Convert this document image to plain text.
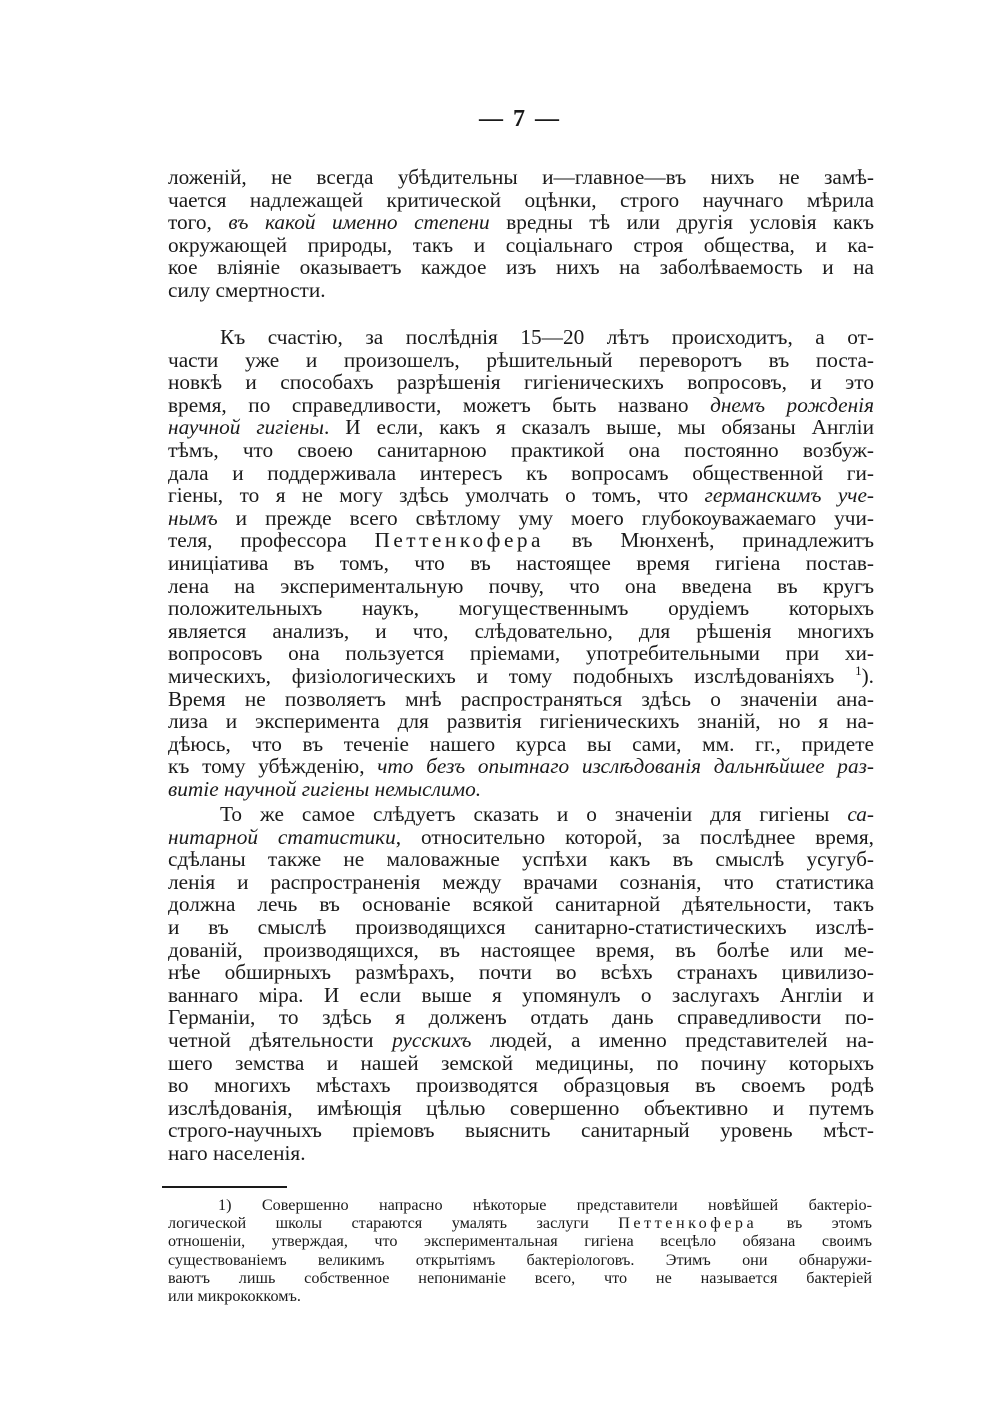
— 7 —
ложеній, не всегда убѣдительны и—главное—въ нихъ не замѣ-
чается надлежащей критической оцѣнки, строго научнаго мѣрила
того, въ какой именно степени вредны тѣ или другія условія какъ
окружающей природы, такъ и соціальнаго строя общества, и ка-
кое вліяніе оказываетъ каждое изъ нихъ на заболѣваемость и на
силу смертности.
Къ счастію, за послѣднія 15—20 лѣтъ происходитъ, а от-
части уже и произошелъ, рѣшительный переворотъ въ поста-
новкѣ и способахъ разрѣшенія гигіеническихъ вопросовъ, и это
время, по справедливости, можетъ быть названо днемъ рожденія
научной гигіены. И если, какъ я сказалъ выше, мы обязаны Англіи
тѣмъ, что своею санитарною практикой она постоянно возбуж-
дала и поддерживала интересъ къ вопросамъ общественной ги-
гіены, то я не могу здѣсь умолчать о томъ, что германскимъ уче-
нымъ и прежде всего свѣтлому уму моего глубокоуважаемаго учи-
теля, профессора Петтенкофера въ Мюнхенѣ, принадлежитъ
иниціатива въ томъ, что въ настоящее время гигіена постав-
лена на экспериментальную почву, что она введена въ кругъ
положительныхъ наукъ, могущественнымъ орудіемъ которыхъ
является анализъ, и что, слѣдовательно, для рѣшенія многихъ
вопросовъ она пользуется пріемами, употребительными при хи-
мическихъ, физіологическихъ и тому подобныхъ изслѣдованіяхъ $^1$).
Время не позволяетъ мнѣ распространяться здѣсь о значеніи ана-
лиза и эксперимента для развитія гигіеническихъ знаній, но я на-
дѣюсь, что въ теченіе нашего курса вы сами, мм. гг., придете
къ тому убѣжденію, что безъ опытнаго изслѣдованія дальнѣйшее раз-
витіе научной гигіены немыслимо.
То же самое слѣдуетъ сказать и о значеніи для гигіены са-
нитарной статистики, относительно которой, за послѣднее время,
сдѣланы также не маловажные успѣхи какъ въ смыслѣ усугуб-
ленія и распространенія между врачами сознанія, что статистика
должна лечь въ основаніе всякой санитарной дѣятельности, такъ
и въ смыслѣ производящихся санитарно-статистическихъ изслѣ-
дованій, производящихся, въ настоящее время, въ болѣе или ме-
нѣе обширныхъ размѣрахъ, почти во всѣхъ странахъ цивилизо-
ваннаго міра. И если выше я упомянулъ о заслугахъ Англіи и
Германіи, то здѣсь я долженъ отдать дань справедливости по-
четной дѣятельности русскихъ людей, а именно представителей на-
шего земства и нашей земской медицины, по почину которыхъ
во многихъ мѣстахъ производятся образцовыя въ своемъ родѣ
изслѣдованія, имѣющія цѣлью совершенно объективно и путемъ
строго-научныхъ пріемовъ выяснить санитарный уровень мѣст-
наго населенія.
1) Совершенно напрасно нѣкоторые представители новѣйшей бактеріо-
логической школы стараются умалять заслуги Петтенкофера въ этомъ
отношеніи, утверждая, что экспериментальная гигіена всецѣло обязана своимъ
существованіемъ великимъ открытіямъ бактеріологовъ. Этимъ они обнаружи-
ваютъ лишь собственное непониманіе всего, что не называется бактеріей
или микрококкомъ.
